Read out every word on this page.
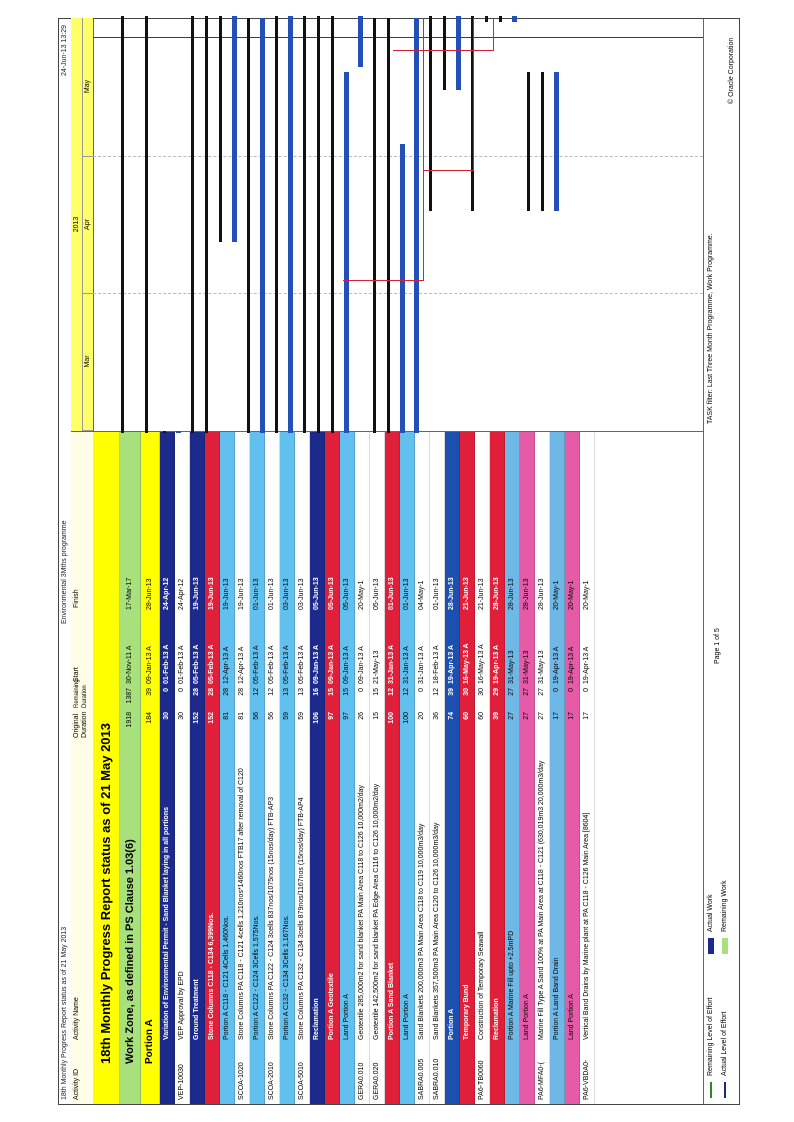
18th Monthly Progress Report status as of 21 May 2013
Environmental 3Mths programme
24-Jun-13 13:29
Activity ID
Activity Name
Original Duration
Remaining Duration
Start
Finish
2013
Mar
Apr
May
18th Monthly Progress Report status as of 21 May 2013	Work Zone, as defined in PS Clause 1.03(6)
1918
1387
30-Nov-11 A
17-Mar-17
Portion A
184
39
09-Jan-13 A
28-Jun-13
Variation of Environmental Permit - Sand Blanket laying in all portions
30
0
01-Feb-13 A
24-Apr-12
VEP-10030
VEP Approval by EPD
30
0
01-Feb-13 A
24-Apr-12
Ground Treatment
152
28
05-Feb-13 A
19-Jun-13
Stone Columns C118 - C134 6,399Nos.
152
28
05-Feb-13 A
19-Jun-13
Portion A C118 - C121 4Cells 1,460Nos.
81
28
12-Apr-13 A
19-Jun-13
SCOA-1020
Stone Columns PA C118 - C121 4cells 1,210nos*1460nos FTB17 after removal of C120
81
28
12-Apr-13 A
19-Jun-13
Portion A C122 - C124 3Cells 1,575Nos.
56
12
05-Feb-13 A
01-Jun-13
SCOA-2010
Stone Columns PA C122 - C124 3cells 837nos/1075nos (15nos/day) FTB-AP3
56
12
05-Feb-13 A
01-Jun-13
Portion A C132 - C134 3Cells 1,167Nos.
59
13
05-Feb-13 A
03-Jun-13
SCOA-5010
Stone Columns PA C132 - C134 3cells 879nos/1167nos (15nos/day) FTB-AP4
59
13
05-Feb-13 A
03-Jun-13
Reclamation
106
16
09-Jan-13 A
05-Jun-13
Portion A Geotextile
97
15
09-Jan-13 A
05-Jun-13
Land Portion A
97
15
09-Jan-13 A
05-Jun-13
GERA0.010
Geotextile 285,000m2 for sand blanket PA Main Area C118 to C126 10,000m2/day
26
0
09-Jan-13 A
20-May-1
GERA0.020
Geotextile 142,500m2 for sand blanket PA Edge Area C116 to C126 10,000m2/day
15
15
21-May-13
05-Jun-13
Portion A Sand Blanket
100
12
31-Jan-13 A
01-Jun-13
Land Portion A
100
12
31-Jan-13 A
01-Jun-13
SABRA0.005
Sand Blankets 200,000m3 PA Main Area C118 to C119 10,000m3/day
20
0
31-Jan-13 A
04-May-1
SABRA0.010
Sand Blankets 357,500m3 PA Main Area C120 to C126 10,000m3/day
36
12
18-Feb-13 A
01-Jun-13
Portion A
74
39
19-Apr-13 A
28-Jun-13
Temporary Bund
60
30
16-May-13 A
21-Jun-13
PA6-TB0060
Construction of Temporary Seawall
60
30
16-May-13 A
21-Jun-13
Reclamation
39
29
19-Apr-13 A
28-Jun-13
Portion A Marine Fill upto +2.5mPD
27
27
31-May-13
28-Jun-13
Land Portion A
27
27
31-May-13
28-Jun-13
PA6-MFA0-(
Marine Fill Type A Sand 100% at PA Main Area at C118 - C121 (630,019m3 20,000m3/day
27
27
31-May-13
28-Jun-13
Portion A Land Band Drain
17
0
19-Apr-13 A
20-May-1
Land Portion A
17
0
19-Apr-13 A
20-May-1
PA6-VBDA0-
Vertical Band Drains by Marine plant at PA C118 - C126 Main Area [8604]
17
0
19-Apr-13 A
20-May-1
Remaining Level of Effort Actual Level of Effort
Actual Work Remaining Work
Page 1 of 5
TASK filter: Last Three Month Programme, Work Programme.
© Oracle Corporation
